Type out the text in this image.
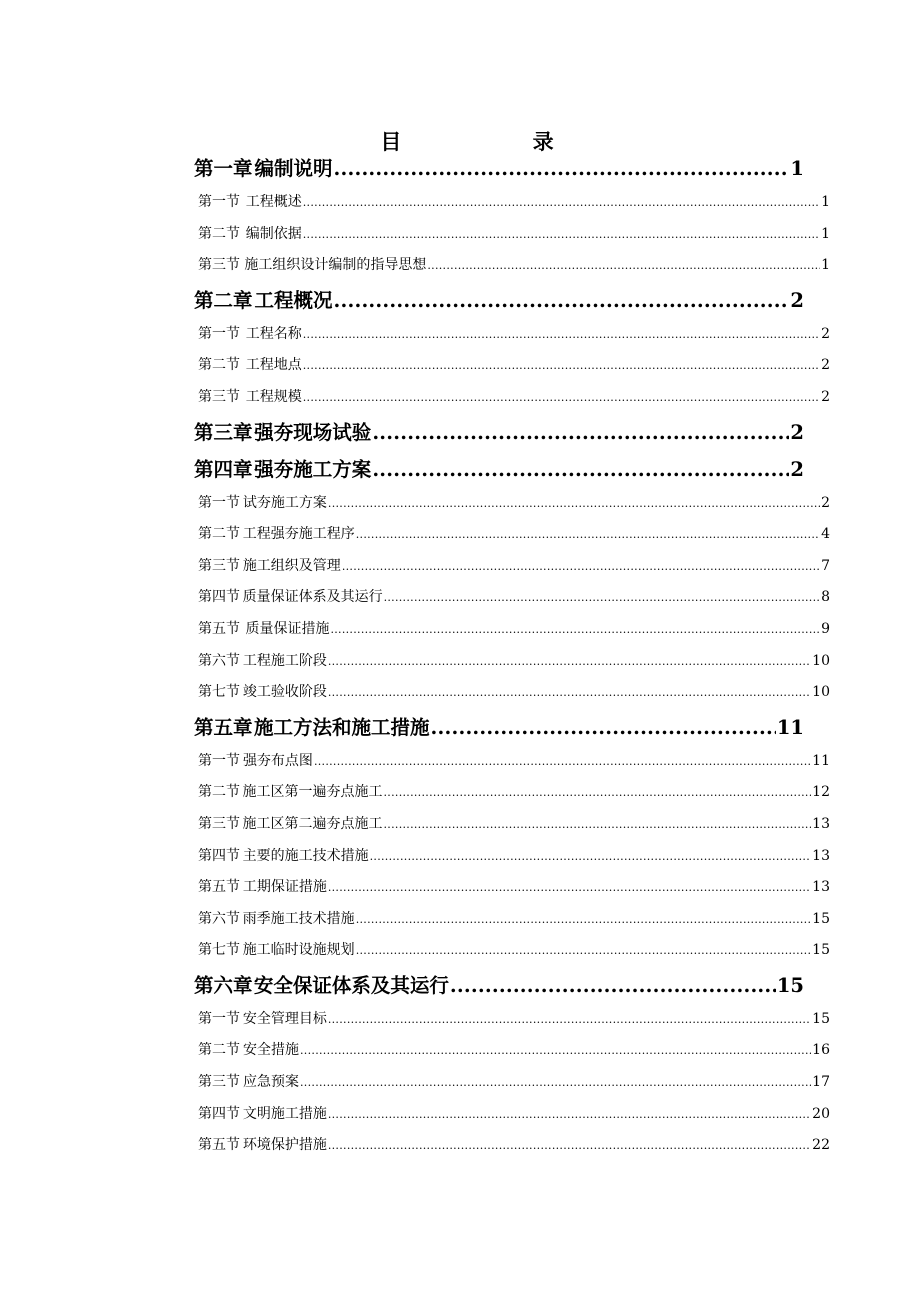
目 录
第一章 编制说明 .....	1
第一节 工程概述 .....	1
第二节 编制依据 .....	1
第三节 施工组织设计编制的指导思想 .....	1
第二章 工程概况 .....	2
第一节 工程名称 .....	2
第二节 工程地点 .....	2
第三节 工程规模 .....	2
第三章 强夯现场试验 .....	2
第四章 强夯施工方案 .....	2
第一节 试夯施工方案 .....	2
第二节 工程强夯施工程序 .....	4
第三节 施工组织及管理 .....	7
第四节 质量保证体系及其运行 .....	8
第五节 质量保证措施 .....	9
第六节 工程施工阶段 .....	10
第七节 竣工验收阶段 .....	10
第五章 施工方法和施工措施 .....	11
第一节 强夯布点图 .....	11
第二节 施工区第一遍夯点施工 .....	12
第三节 施工区第二遍夯点施工 .....	13
第四节 主要的施工技术措施 .....	13
第五节 工期保证措施 .....	13
第六节 雨季施工技术措施 .....	15
第七节 施工临时设施规划 .....	15
第六章 安全保证体系及其运行 .....	15
第一节 安全管理目标 .....	15
第二节 安全措施 .....	16
第三节 应急预案 .....	17
第四节 文明施工措施 .....	20
第五节 环境保护措施 .....	22
